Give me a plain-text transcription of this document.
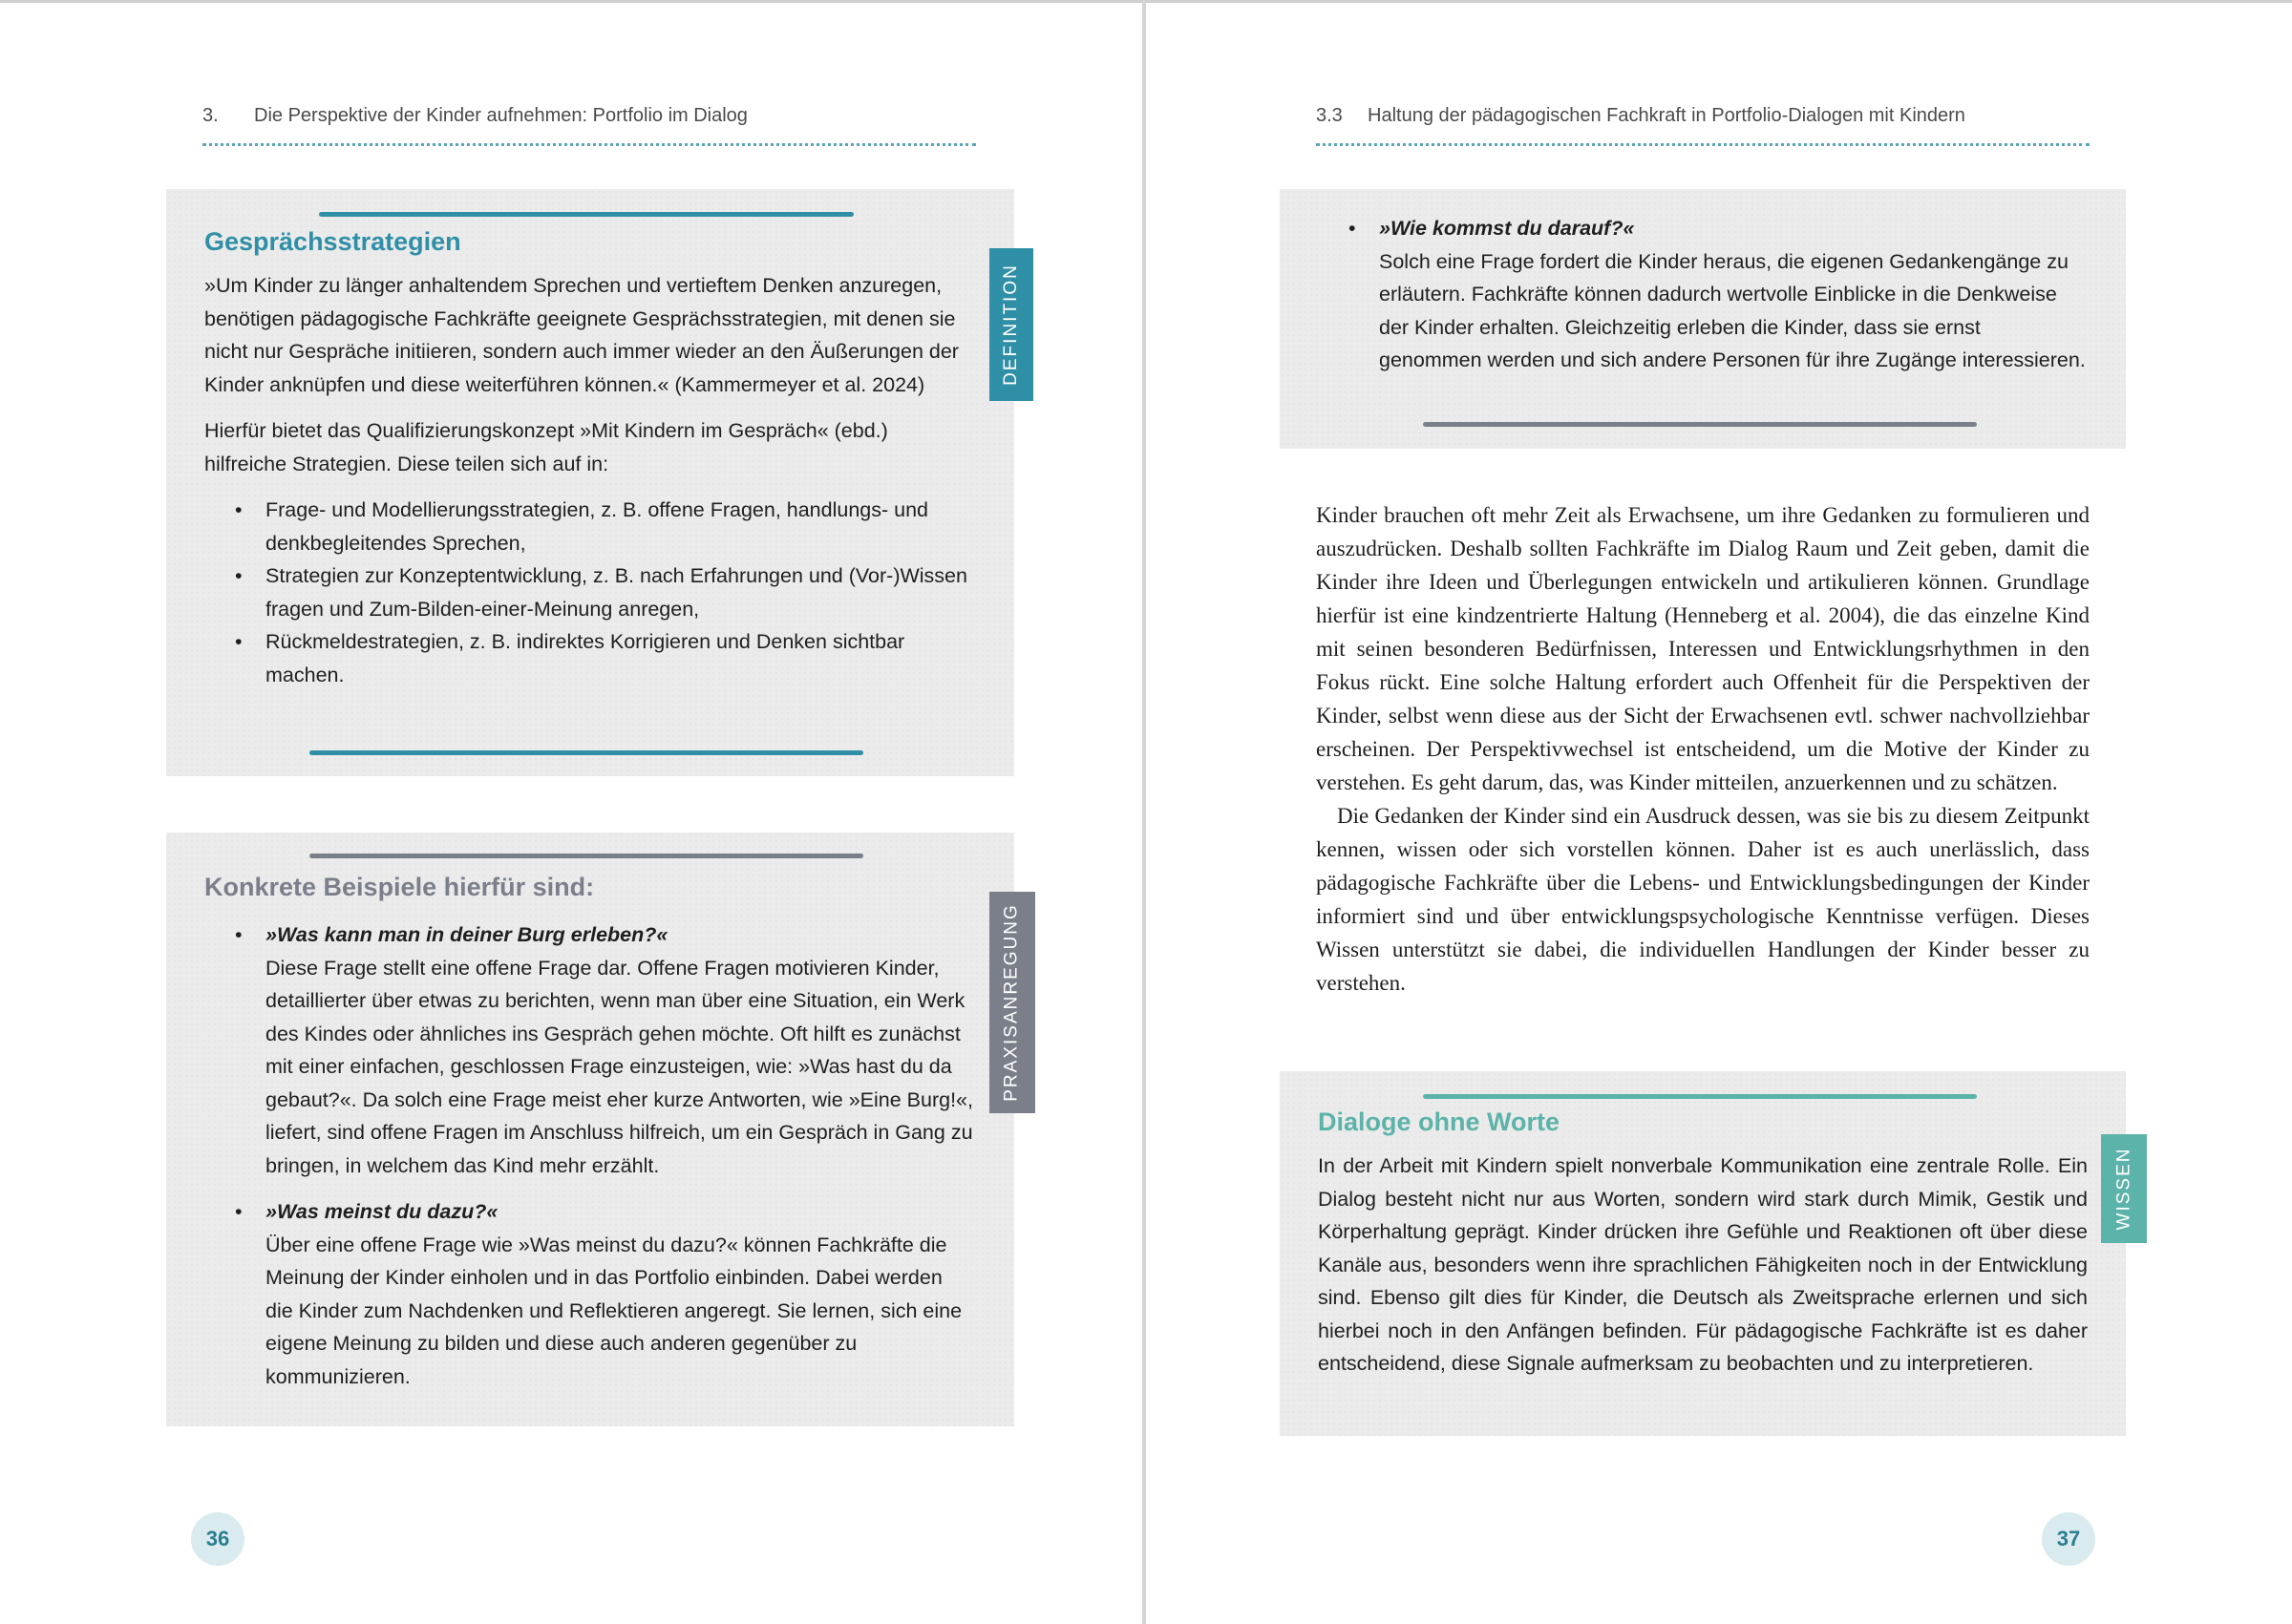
3. Die Perspektive der Kinder aufnehmen: Portfolio im Dialog
Gesprächsstrategien

»Um Kinder zu länger anhaltendem Sprechen und vertieftem Denken anzuregen, benötigen pädagogische Fachkräfte geeignete Gesprächsstrategien, mit denen sie nicht nur Gespräche initiieren, sondern auch immer wieder an den Äußerungen der Kinder anknüpfen und diese weiterführen können.« (Kammermeyer et al. 2024)

Hierfür bietet das Qualifizierungskonzept »Mit Kindern im Gespräch« (ebd.) hilfreiche Strategien. Diese teilen sich auf in:

• Frage- und Modellierungsstrategien, z. B. offene Fragen, handlungs- und denkbegleitendes Sprechen,
• Strategien zur Konzeptentwicklung, z. B. nach Erfahrungen und (Vor-)Wissen fragen und Zum-Bilden-einer-Meinung anregen,
• Rückmeldestrategien, z. B. indirektes Korrigieren und Denken sichtbar machen.
DEFINITION
Konkrete Beispiele hierfür sind:
• »Was kann man in deiner Burg erleben?«
Diese Frage stellt eine offene Frage dar. Offene Fragen motivieren Kinder, detaillierter über etwas zu berichten, wenn man über eine Situation, ein Werk des Kindes oder ähnliches ins Gespräch gehen möchte. Oft hilft es zunächst mit einer einfachen, geschlossen Frage einzusteigen, wie: »Was hast du da gebaut?«. Da solch eine Frage meist eher kurze Antworten, wie »Eine Burg!«, liefert, sind offene Fragen im Anschluss hilfreich, um ein Gespräch in Gang zu bringen, in welchem das Kind mehr erzählt.
• »Was meinst du dazu?«
Über eine offene Frage wie »Was meinst du dazu?« können Fachkräfte die Meinung der Kinder einholen und in das Portfolio einbinden. Dabei werden die Kinder zum Nachdenken und Reflektieren angeregt. Sie lernen, sich eine eigene Meinung zu bilden und diese auch anderen gegenüber zu kommunizieren.
PRAXISANREGUNG
36
3.3 Haltung der pädagogischen Fachkraft in Portfolio-Dialogen mit Kindern
• »Wie kommst du darauf?«
Solch eine Frage fordert die Kinder heraus, die eigenen Gedankengänge zu erläutern. Fachkräfte können dadurch wertvolle Einblicke in die Denkweise der Kinder erhalten. Gleichzeitig erleben die Kinder, dass sie ernst genommen werden und sich andere Personen für ihre Zugänge interessieren.

Kinder brauchen oft mehr Zeit als Erwachsene, um ihre Gedanken zu formulieren und auszudrücken. Deshalb sollten Fachkräfte im Dialog Raum und Zeit geben, damit die Kinder ihre Ideen und Überlegungen entwickeln und artikulieren können. Grundlage hierfür ist eine kindzentrierte Haltung (Henneberg et al. 2004), die das einzelne Kind mit seinen besonderen Bedürfnissen, Interessen und Entwicklungsrhythmen in den Fokus rückt. Eine solche Haltung erfordert auch Offenheit für die Perspektiven der Kinder, selbst wenn diese aus der Sicht der Erwachsenen evtl. schwer nachvollziehbar erscheinen. Der Perspektivwechsel ist entscheidend, um die Motive der Kinder zu verstehen. Es geht darum, das, was Kinder mitteilen, anzuerkennen und zu schätzen.

Die Gedanken der Kinder sind ein Ausdruck dessen, was sie bis zu diesem Zeitpunkt kennen, wissen oder sich vorstellen können. Daher ist es auch unerlässlich, dass pädagogische Fachkräfte über die Lebens- und Entwicklungsbedingungen der Kinder informiert sind und über entwicklungspsychologische Kenntnisse verfügen. Dieses Wissen unterstützt sie dabei, die individuellen Handlungen der Kinder besser zu verstehen.

Dialoge ohne Worte

In der Arbeit mit Kindern spielt nonverbale Kommunikation eine zentrale Rolle. Ein Dialog besteht nicht nur aus Worten, sondern wird stark durch Mimik, Gestik und Körperhaltung geprägt. Kinder drücken ihre Gefühle und Reaktionen oft über diese Kanäle aus, besonders wenn ihre sprachlichen Fähigkeiten noch in der Entwicklung sind. Ebenso gilt dies für Kinder, die Deutsch als Zweitsprache erlernen und sich hierbei noch in den Anfängen befinden. Für pädagogische Fachkräfte ist es daher entscheidend, diese Signale aufmerksam zu beobachten und zu interpretieren.

WISSEN
37
